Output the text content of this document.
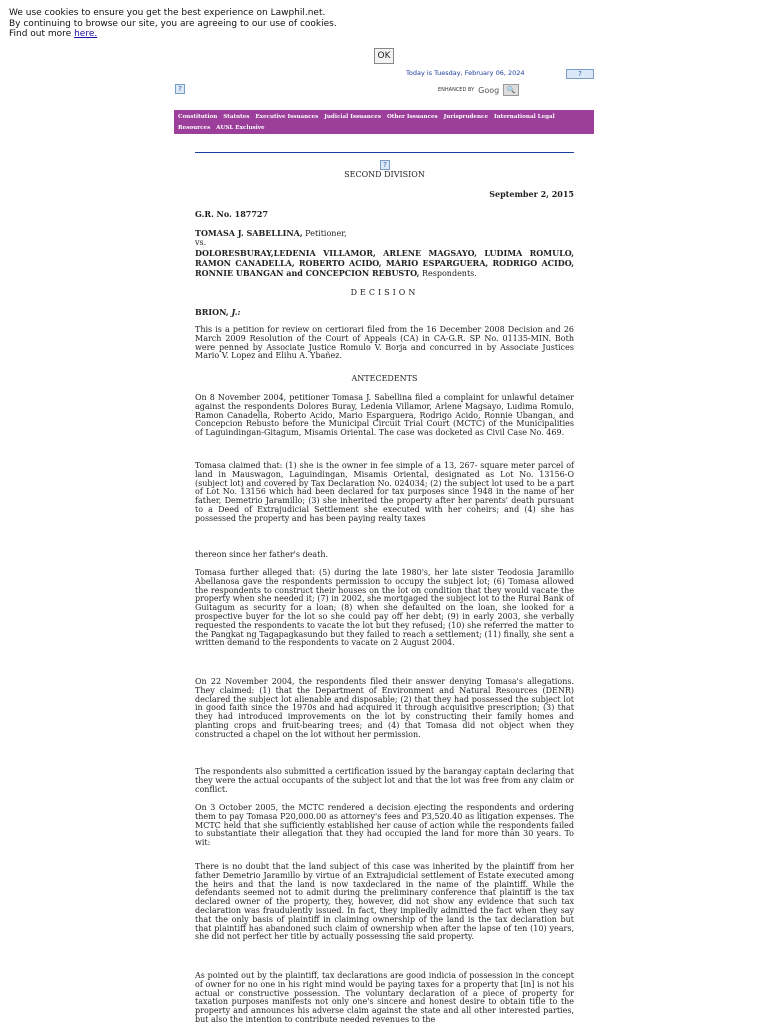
We use cookies to ensure you get the best experience on Lawphil.net.
By continuing to browse our site, you are agreeing to our use of cookies.
Find out more here.
OK
?
?
Today is Tuesday, February 06, 2024
ENHANCED BY Goog 🔍
Constitution Statutes Executive Issuances Judicial Issuances Other Issuances Jurisprudence International Legal Resources AUSL Exclusive
?
SECOND DIVISION
September 2, 2015
G.R. No. 187727
TOMASA J. SABELLINA, Petitioner,
vs.
DOLORESBURAY,LEDENIA VILLAMOR, ARLENE MAGSAYO, LUDIMA ROMULO, RAMON CANADELLA, ROBERTO ACIDO, MARIO ESPARGUERA, RODRIGO ACIDO, RONNIE UBANGAN and CONCEPCION REBUSTO, Respondents.
DECISION
BRION, J.:
This is a petition for review on certiorari filed from the 16 December 2008 Decision and 26 March 2009 Resolution of the Court of Appeals (CA) in CA-G.R. SP No. 01135-MIN. Both were penned by Associate Justice Romulo V. Borja and concurred in by Associate Justices Mario V. Lopez and Elihu A. Ybañez.
ANTECEDENTS
On 8 November 2004, petitioner Tomasa J. Sabellina filed a complaint for unlawful detainer against the respondents Dolores Buray, Ledenia Villamor, Arlene Magsayo, Ludima Romulo, Ramon Canadella, Roberto Acido, Mario Esparguera, Rodrigo Acido, Ronnie Ubangan, and Concepcion Rebusto before the Municipal Circuit Trial Court (MCTC) of the Municipalities of Laguindingan-Gitagum, Misamis Oriental. The case was docketed as Civil Case No. 469.
Tomasa claimed that: (1) she is the owner in fee simple of a 13, 267- square meter parcel of land in Mauswagon, Laguindingan, Misamis Oriental, designated as Lot No. 13156-O (subject lot) and covered by Tax Declaration No. 024034; (2) the subject lot used to be a part of Lot No. 13156 which had been declared for tax purposes since 1948 in the name of her father, Demetrio Jaramillo; (3) she inherited the property after her parents' death pursuant to a Deed of Extrajudicial Settlement she executed with her coheirs; and (4) she has possessed the property and has been paying realty taxes
thereon since her father's death.
Tomasa further alleged that: (5) during the late 1980's, her late sister Teodosia Jaramillo Abellanosa gave the respondents permission to occupy the subject lot; (6) Tomasa allowed the respondents to construct their houses on the lot on condition that they would vacate the property when she needed it; (7) in 2002, she mortgaged the subject lot to the Rural Bank of Guitagum as security for a loan; (8) when she defaulted on the loan, she looked for a prospective buyer for the lot so she could pay off her debt; (9) in early 2003, she verbally requested the respondents to vacate the lot but they refused; (10) she referred the matter to the Pangkat ng Tagapagkasundo but they failed to reach a settlement; (11) finally, she sent a written demand to the respondents to vacate on 2 August 2004.
On 22 November 2004, the respondents filed their answer denying Tomasa's allegations. They claimed: (1) that the Department of Environment and Natural Resources (DENR) declared the subject lot alienable and disposable; (2) that they had possessed the subject lot in good faith since the 1970s and had acquired it through acquisitive prescription; (3) that they had introduced improvements on the lot by constructing their family homes and planting crops and fruit-bearing trees; and (4) that Tomasa did not object when they constructed a chapel on the lot without her permission.
The respondents also submitted a certification issued by the barangay captain declaring that they were the actual occupants of the subject lot and that the lot was free from any claim or conflict.
On 3 October 2005, the MCTC rendered a decision ejecting the respondents and ordering them to pay Tomasa P20,000.00 as attorney's fees and P3,520.40 as litigation expenses. The MCTC held that she sufficiently established her cause of action while the respondents failed to substantiate their allegation that they had occupied the land for more than 30 years. To wit:
There is no doubt that the land subject of this case was inherited by the plaintiff from her father Demetrio Jaramillo by virtue of an Extrajudicial settlement of Estate executed among the heirs and that the land is now taxdeclared in the name of the plaintiff. While the defendants seemed not to admit during the preliminary conference that plaintiff is the tax declared owner of the property, they, however, did not show any evidence that such tax declaration was fraudulently issued. In fact, they impliedly admitted the fact when they say that the only basis of plaintiff in claiming ownership of the land is the tax declaration but that plaintiff has abandoned such claim of ownership when after the lapse of ten (10) years, she did not perfect her title by actually possessing the said property.
As pointed out by the plaintiff, tax declarations are good indicia of possession in the concept of owner for no one in his right mind would be paying taxes for a property that [in] is not his actual or constructive possession. The voluntary declaration of a piece of property for taxation purposes manifests not only one's sincere and honest desire to obtain title to the property and announces his adverse claim against the state and all other interested parties, but also the intention to contribute needed revenues to the
